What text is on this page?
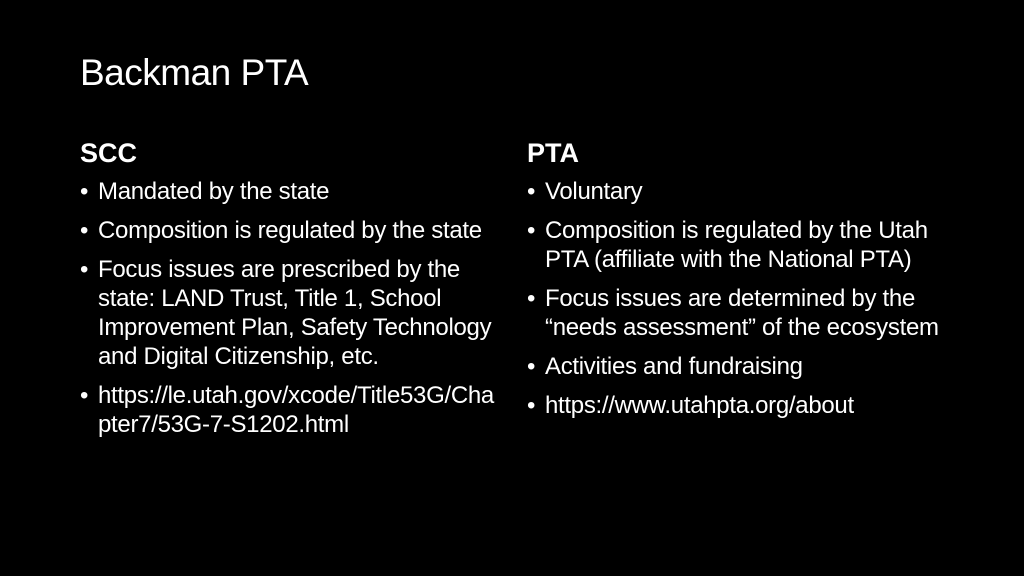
Backman PTA
SCC
• Mandated by the state
• Composition is regulated by the state
• Focus issues are prescribed by the state: LAND Trust, Title 1, School Improvement Plan, Safety Technology and Digital Citizenship, etc.
• https://le.utah.gov/xcode/Title53G/Chapter7/53G-7-S1202.html
PTA
• Voluntary
• Composition is regulated by the Utah PTA (affiliate with the National PTA)
• Focus issues are determined by the “needs assessment” of the ecosystem
• Activities and fundraising
• https://www.utahpta.org/about
